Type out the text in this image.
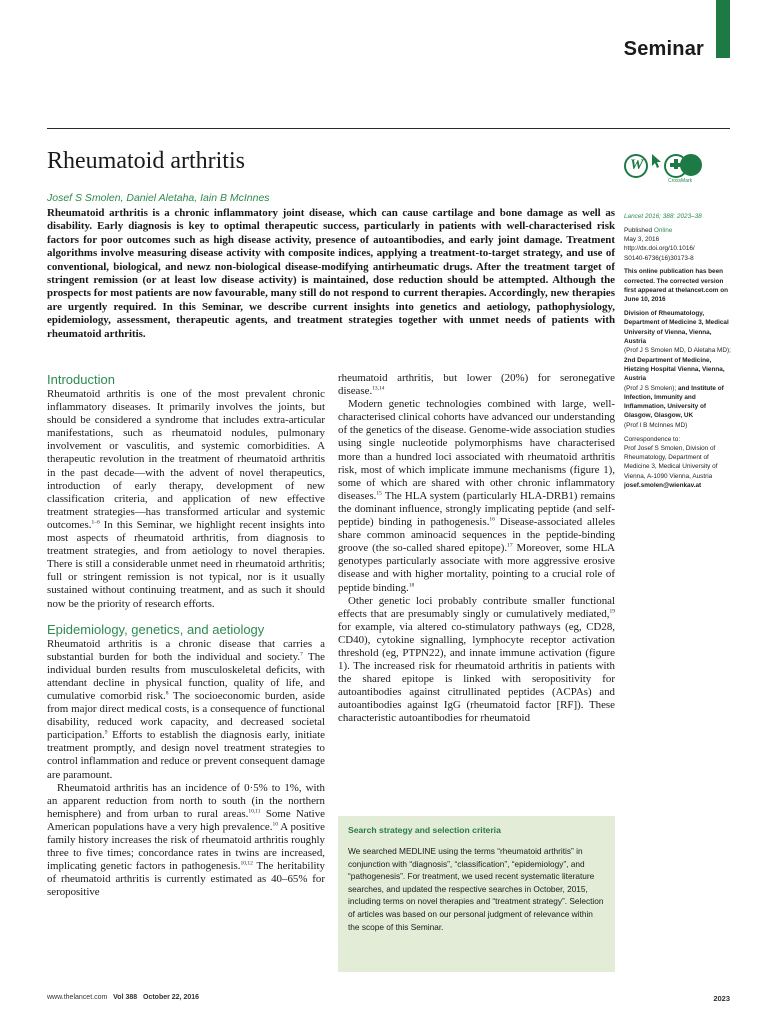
Seminar
Rheumatoid arthritis
Josef S Smolen, Daniel Aletaha, Iain B McInnes
W
CrossMark

Rheumatoid arthritis is a chronic inflammatory joint disease, which can cause cartilage and bone damage as well as disability. Early diagnosis is key to optimal therapeutic success, particularly in patients with well-characterised risk factors for poor outcomes such as high disease activity, presence of autoantibodies, and early joint damage. Treatment algorithms involve measuring disease activity with composite indices, applying a treatment-to-target strategy, and use of conventional, biological, and newz non-biological disease-modifying antirheumatic drugs. After the treatment target of stringent remission (or at least low disease activity) is maintained, dose reduction should be attempted. Although the prospects for most patients are now favourable, many still do not respond to current therapies. Accordingly, new therapies are urgently required. In this Seminar, we describe current insights into genetics and aetiology, pathophysiology, epidemiology, assessment, therapeutic agents, and treatment strategies together with unmet needs of patients with rheumatoid arthritis.

Lancet 2016; 388: 2023–38

Published Online
May 3, 2016
http://dx.doi.org/10.1016/
S0140-6736(16)30173-8

This online publication has been corrected. The corrected version first appeared at thelancet.com on June 10, 2016

Division of Rheumatology, Department of Medicine 3, Medical University of Vienna, Vienna, Austria
(Prof J S Smolen MD, D Aletaha MD);
2nd Department of Medicine, Hietzing Hospital Vienna, Vienna, Austria
(Prof J S Smolen); and Institute of Infection, Immunity and Inflammation, University of Glasgow, Glasgow, UK
(Prof I B McInnes MD)

Correspondence to:
Prof Josef S Smolen, Division of Rheumatology, Department of Medicine 3, Medical University of Vienna, A-1090 Vienna, Austria
josef.smolen@wienkav.at

Introduction

Rheumatoid arthritis is one of the most prevalent chronic inflammatory diseases. It primarily involves the joints, but should be considered a syndrome that includes extra-articular manifestations, such as rheumatoid nodules, pulmonary involvement or vasculitis, and systemic comorbidities. A therapeutic revolution in the treatment of rheumatoid arthritis in the past decade—with the advent of novel therapeutics, introduction of early therapy, development of new classification criteria, and application of new effective treatment strategies—has transformed articular and systemic outcomes.$^{1-6}$ In this Seminar, we highlight recent insights into most aspects of rheumatoid arthritis, from diagnosis to treatment strategies, and from aetiology to novel therapies. There is still a considerable unmet need in rheumatoid arthritis; full or stringent remission is not typical, nor is it usually sustained without continuing treatment, and as such it should now be the priority of research efforts.

Epidemiology, genetics, and aetiology

Rheumatoid arthritis is a chronic disease that carries a substantial burden for both the individual and society.$^7$ The individual burden results from musculoskeletal deficits, with attendant decline in physical function, quality of life, and cumulative comorbid risk.$^8$ The socioeconomic burden, aside from major direct medical costs, is a consequence of functional disability, reduced work capacity, and decreased societal participation.$^9$ Efforts to establish the diagnosis early, initiate treatment promptly, and design novel treatment strategies to control inflammation and reduce or prevent consequent damage are paramount.

Rheumatoid arthritis has an incidence of 0·5% to 1%, with an apparent reduction from north to south (in the northern hemisphere) and from urban to rural areas.$^{10,11}$ Some Native American populations have a very high prevalence.$^{10}$ A positive family history increases the risk of rheumatoid arthritis roughly three to five times; concordance rates in twins are increased, implicating genetic factors in pathogenesis.$^{10,12}$ The heritability of rheumatoid arthritis is currently estimated as 40–65% for seropositive

rheumatoid arthritis, but lower (20%) for seronegative disease.$^{13,14}$

Modern genetic technologies combined with large, well-characterised clinical cohorts have advanced our understanding of the genetics of the disease. Genome-wide association studies using single nucleotide polymorphisms have characterised more than a hundred loci associated with rheumatoid arthritis risk, most of which implicate immune mechanisms (figure 1), some of which are shared with other chronic inflammatory diseases.$^{15}$ The HLA system (particularly HLA-DRB1) remains the dominant influence, strongly implicating peptide (and self-peptide) binding in pathogenesis.$^{16}$ Disease-associated alleles share common aminoacid sequences in the peptide-binding groove (the so-called shared epitope).$^{17}$ Moreover, some HLA genotypes particularly associate with more aggressive erosive disease and with higher mortality, pointing to a crucial role of peptide binding.$^{18}$

Other genetic loci probably contribute smaller functional effects that are presumably singly or cumulatively mediated,$^{19}$ for example, via altered co-stimulatory pathways (eg, CD28, CD40), cytokine signalling, lymphocyte receptor activation threshold (eg, PTPN22), and innate immune activation (figure 1). The increased risk for rheumatoid arthritis in patients with the shared epitope is linked with seropositivity for autoantibodies against citrullinated peptides (ACPAs) and autoantibodies against IgG (rheumatoid factor [RF]). These characteristic autoantibodies for rheumatoid

Search strategy and selection criteria
We searched MEDLINE using the terms “rheumatoid arthritis” in conjunction with “diagnosis”, “classification”, “epidemiology”, and “pathogenesis”. For treatment, we used recent systematic literature searches, and updated the respective searches in October, 2015, including terms on novel therapies and “treatment strategy”. Selection of articles was based on our personal judgment of relevance within the scope of this Seminar.
www.thelancet.com Vol 388 October 22, 2016	2023
